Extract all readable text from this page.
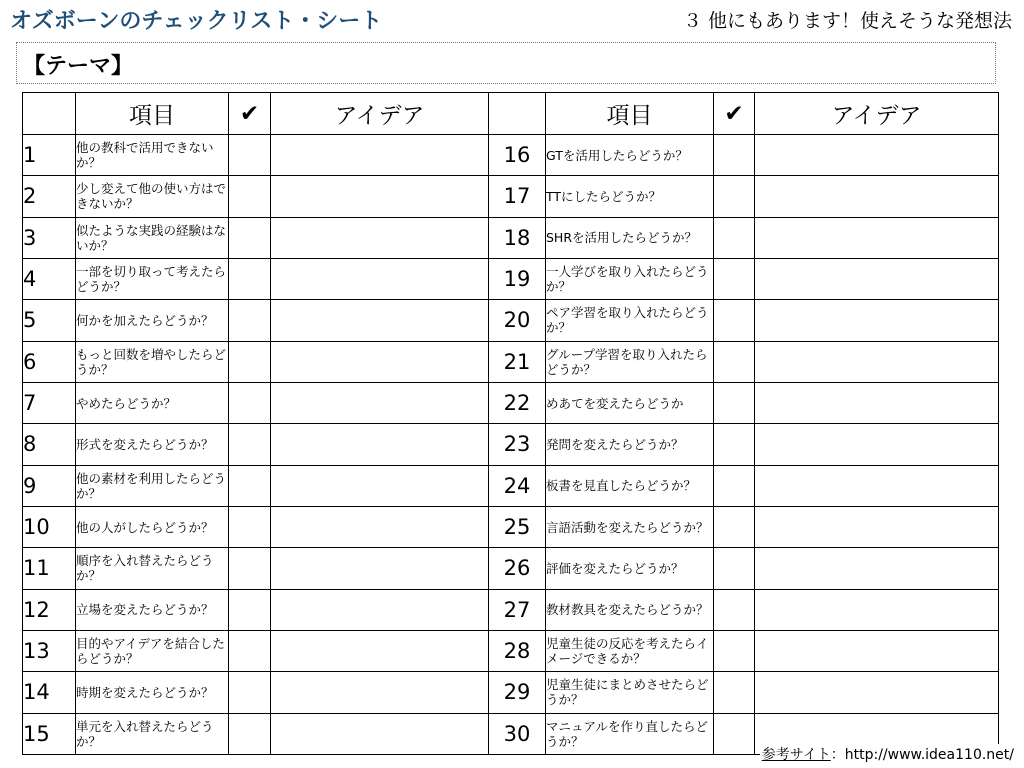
オズボーンのチェックリスト・シート	３ 他にもあります！使えそうな発想法
【テーマ】
	項目	✔	アイデア		項目	✔	アイデア
1	他の教科で活用できないか？			16	GTを活用したらどうか？		
2	少し変えて他の使い方はできないか？			17	TTにしたらどうか？		
3	似たような実践の経験はないか？			18	SHRを活用したらどうか？		
4	一部を切り取って考えたらどうか？			19	一人学びを取り入れたらどうか？		
5	何かを加えたらどうか？			20	ペア学習を取り入れたらどうか？		
6	もっと回数を増やしたらどうか？			21	グループ学習を取り入れたらどうか？		
7	やめたらどうか？			22	めあてを変えたらどうか		
8	形式を変えたらどうか？			23	発問を変えたらどうか？		
9	他の素材を利用したらどうか？			24	板書を見直したらどうか？		
10	他の人がしたらどうか？			25	言語活動を変えたらどうか？		
11	順序を入れ替えたらどうか？			26	評価を変えたらどうか？		
12	立場を変えたらどうか？			27	教材教具を変えたらどうか？		
13	目的やアイデアを結合したらどうか？			28	児童生徒の反応を考えたらイメージできるか？		
14	時期を変えたらどうか？			29	児童生徒にまとめさせたらどうか？		
15	単元を入れ替えたらどうか？			30	マニュアルを作り直したらどうか？		
参考サイト：http://www.idea110.net/
